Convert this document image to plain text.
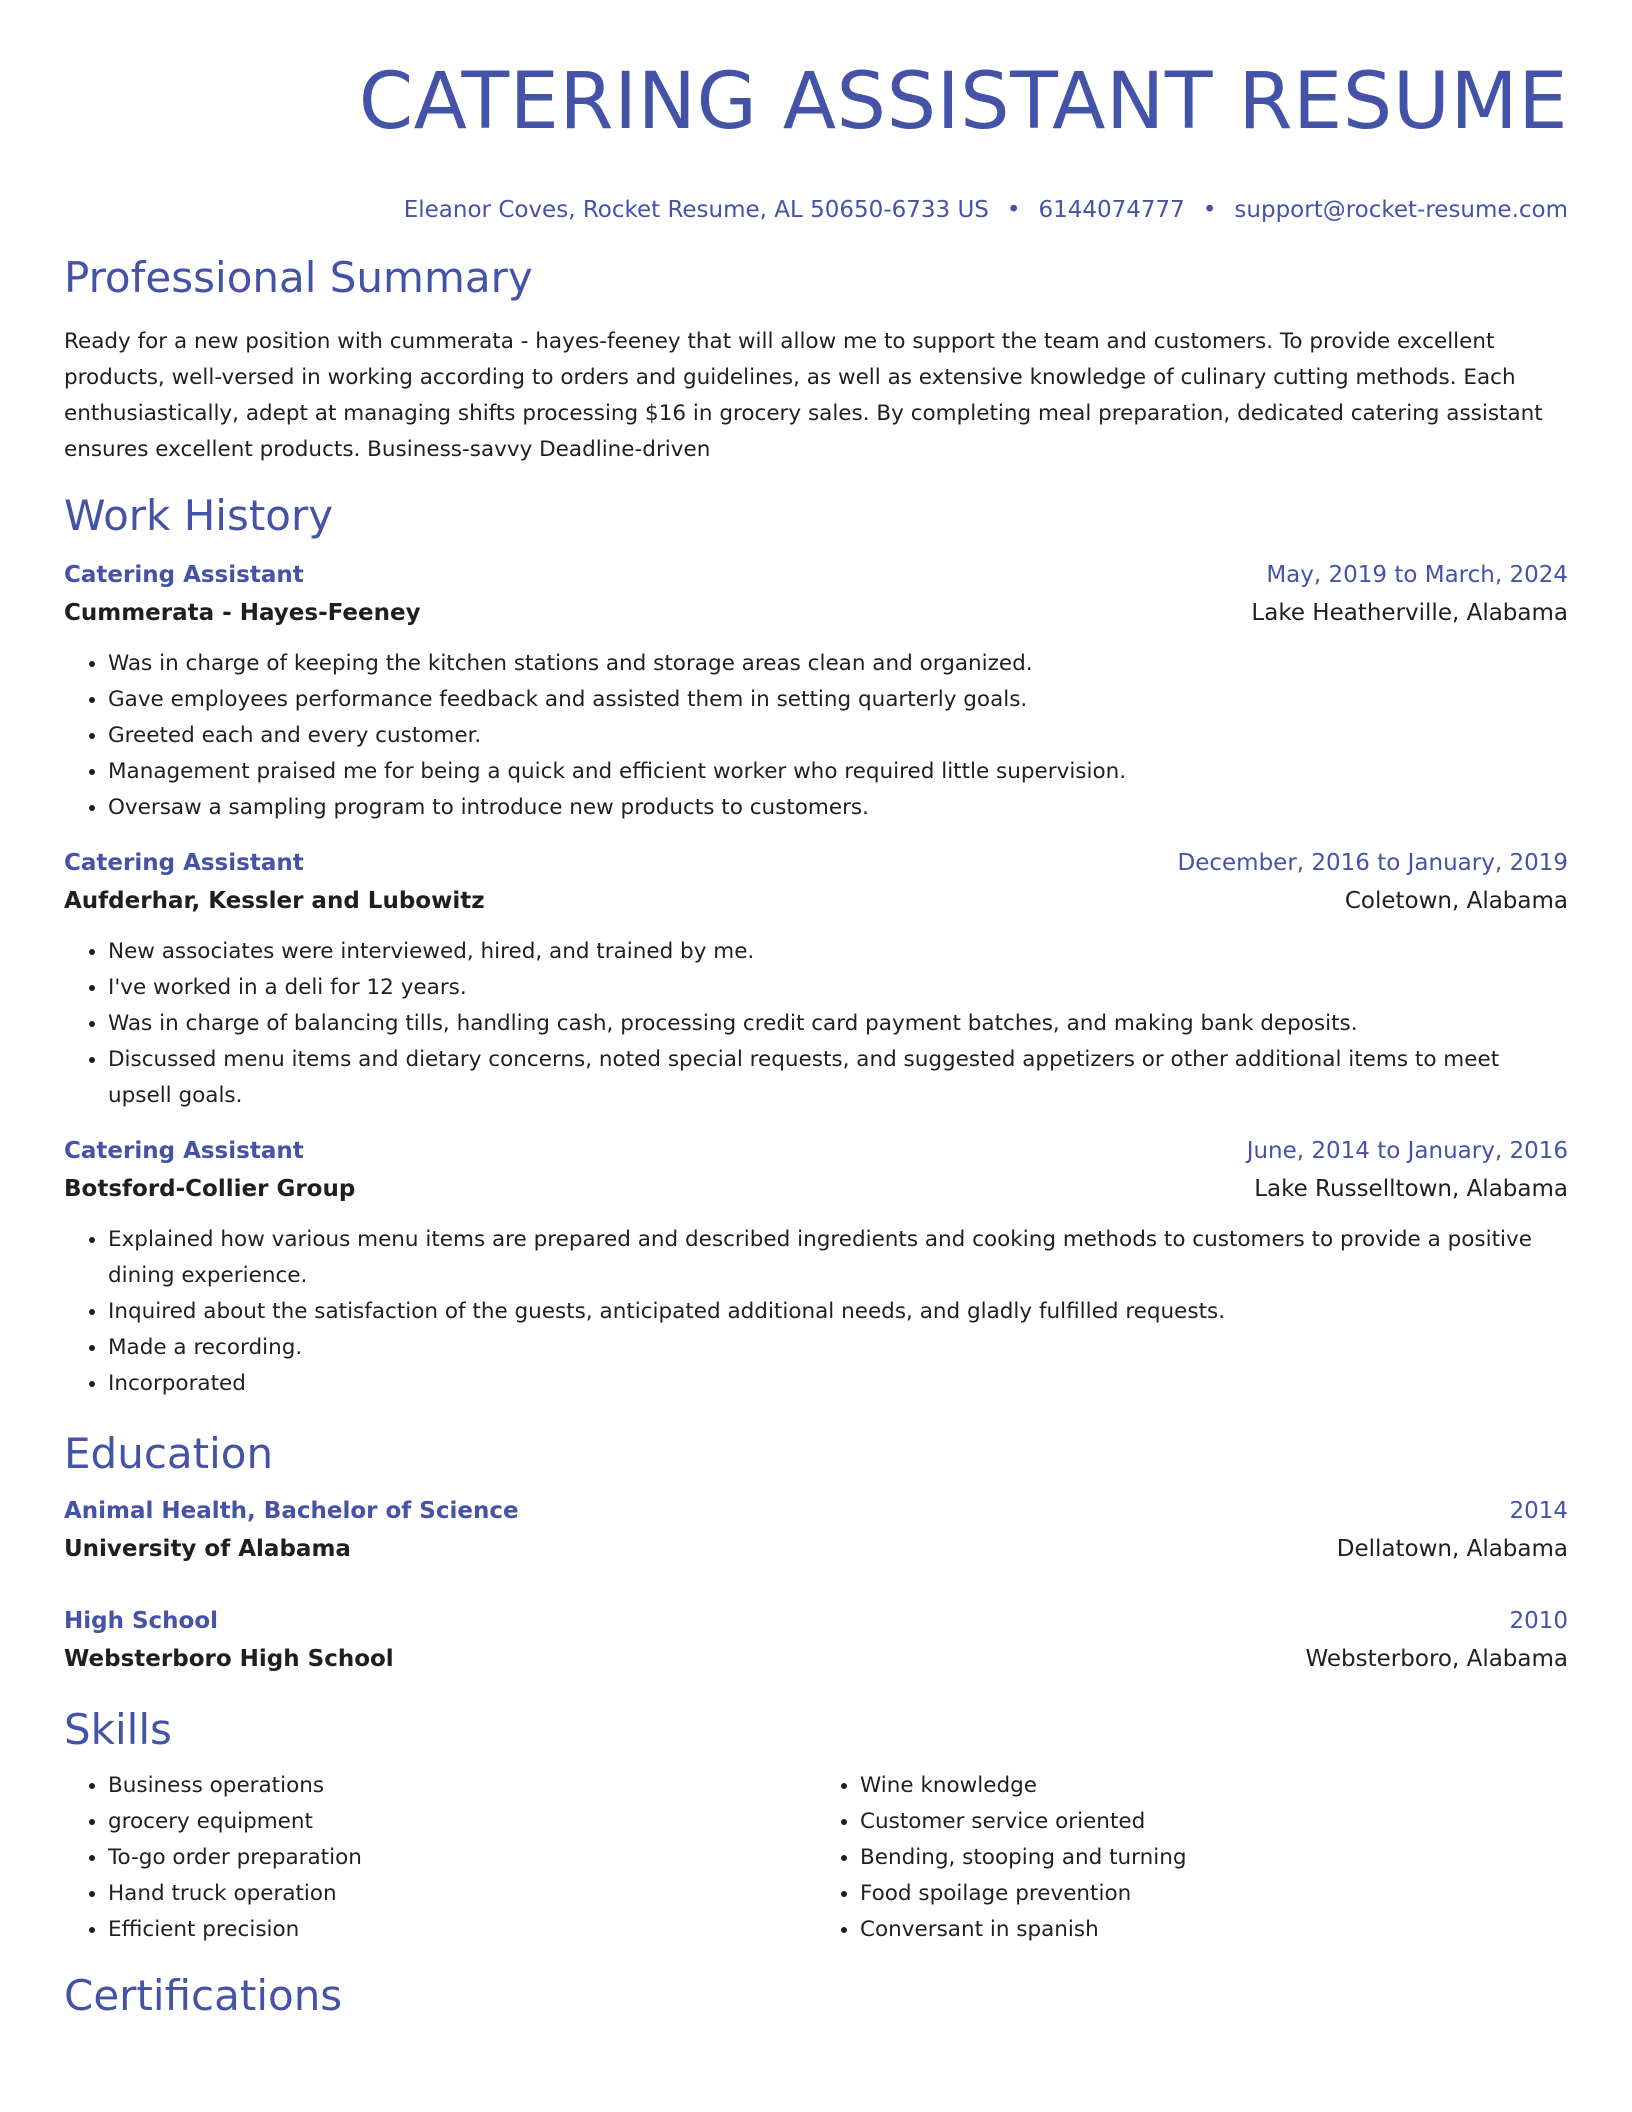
CATERING ASSISTANT RESUME
Eleanor Coves, Rocket Resume, AL 50650-6733 US • 6144074777 • support@rocket-resume.com
Professional Summary
Ready for a new position with cummerata - hayes-feeney that will allow me to support the team and customers. To provide excellent products, well-versed in working according to orders and guidelines, as well as extensive knowledge of culinary cutting methods. Each enthusiastically, adept at managing shifts processing $16 in grocery sales. By completing meal preparation, dedicated catering assistant ensures excellent products. Business-savvy Deadline-driven
Work History
Catering Assistant	May, 2019 to March, 2024
Cummerata - Hayes-Feeney	Lake Heatherville, Alabama
• Was in charge of keeping the kitchen stations and storage areas clean and organized.
• Gave employees performance feedback and assisted them in setting quarterly goals.
• Greeted each and every customer.
• Management praised me for being a quick and efficient worker who required little supervision.
• Oversaw a sampling program to introduce new products to customers.
Catering Assistant	December, 2016 to January, 2019
Aufderhar, Kessler and Lubowitz	Coletown, Alabama
• New associates were interviewed, hired, and trained by me.
• I've worked in a deli for 12 years.
• Was in charge of balancing tills, handling cash, processing credit card payment batches, and making bank deposits.
• Discussed menu items and dietary concerns, noted special requests, and suggested appetizers or other additional items to meet upsell goals.
Catering Assistant	June, 2014 to January, 2016
Botsford-Collier Group	Lake Russelltown, Alabama
• Explained how various menu items are prepared and described ingredients and cooking methods to customers to provide a positive dining experience.
• Inquired about the satisfaction of the guests, anticipated additional needs, and gladly fulfilled requests.
• Made a recording.
• Incorporated
Education
Animal Health, Bachelor of Science	2014
University of Alabama	Dellatown, Alabama
High School	2010
Websterboro High School	Websterboro, Alabama
Skills
• Business operations
• grocery equipment
• To-go order preparation
• Hand truck operation
• Efficient precision
• Wine knowledge
• Customer service oriented
• Bending, stooping and turning
• Food spoilage prevention
• Conversant in spanish
Certifications
